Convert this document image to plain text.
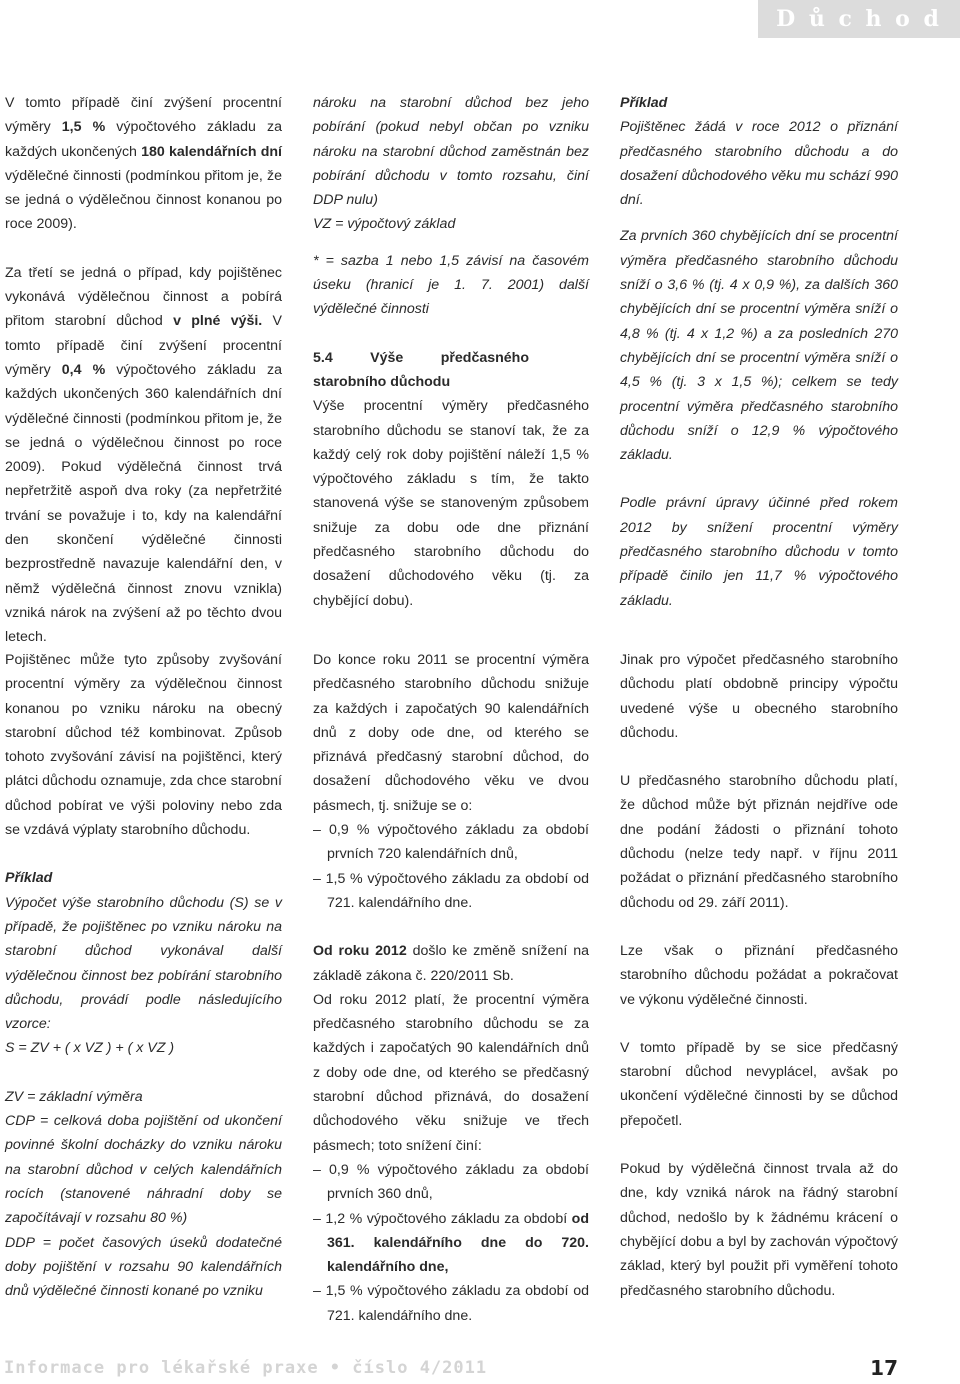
D ů c h o d

V tomto případě činí zvýšení procentní výměry 1,5 % výpočtového základu za každých ukončených 180 kalendářních dní výdělečné činnosti (podmínkou přitom je, že se jedná o výdělečnou činnost konanou po roce 2009).

Za třetí se jedná o případ, kdy pojištěnec vykonává výdělečnou činnost a pobírá přitom starobní důchod v plné výši. V tomto případě činí zvýšení procentní výměry 0,4 % výpočtového základu za každých ukončených 360 kalendářních dní výdělečné činnosti (podmínkou přitom je, že se jedná o výdělečnou činnost po roce 2009). Pokud výdělečná činnost trvá nepřetržitě aspoň dva roky (za nepřetržité trvání se považuje i to, kdy na kalendářní den skončení výdělečné činnosti bezprostředně navazuje kalendářní den, v němž výdělečná činnost znovu vznikla) vzniká nárok na zvýšení až po těchto dvou letech.

nároku na starobní důchod bez jeho pobírání (pokud nebyl občan po vzniku nároku na starobní důchod zaměstnán bez pobírání důchodu v tomto rozsahu, činí DDP nulu)

VZ = výpočtový základ

* = sazba 1 nebo 1,5 závisí na časovém úseku (hranicí je 1. 7. 2001) další výdělečné činnosti

5.4 Výše předčasného starobního důchodu

Výše procentní výměry předčasného starobního důchodu se stanoví tak, že za každý celý rok doby pojištění náleží 1,5 % výpočtového základu s tím, že takto stanovená výše se stanoveným způsobem snižuje za dobu ode dne přiznání předčasného starobního důchodu do dosažení důchodového věku (tj. za chybějící dobu).

Příklad

Pojištěnec žádá v roce 2012 o přiznání předčasného starobního důchodu a do dosažení důchodového věku mu schází 990 dní.

Za prvních 360 chybějících dní se procentní výměra předčasného starobního důchodu sníží o 3,6 % (tj. 4 x 0,9 %), za dalších 360 chybějících dní se procentní výměra sníží o 4,8 % (tj. 4 x 1,2 %) a za posledních 270 chybějících dní se procentní výměra sníží o 4,5 % (tj. 3 x 1,5 %); celkem se tedy procentní výměra předčasného starobního důchodu sníží o 12,9 % výpočtového základu.

Podle právní úpravy účinné před rokem 2012 by snížení procentní výměry předčasného starobního důchodu v tomto případě činilo jen 11,7 % výpočtového základu.

Pojištěnec může tyto způsoby zvyšování procentní výměry za výdělečnou činnost konanou po vzniku nároku na obecný starobní důchod též kombinovat. Způsob tohoto zvyšování závisí na pojištěnci, který plátci důchodu oznamuje, zda chce starobní důchod pobírat ve výši poloviny nebo zda se vzdává výplaty starobního důchodu.

Příklad

Výpočet výše starobního důchodu (S) se v případě, že pojištěnec po vzniku nároku na starobní důchod vykonával další výdělečnou činnost bez pobírání starobního důchodu, provádí podle následujícího vzorce:

S = ZV + ( x VZ ) + ( x VZ )

ZV = základní výměra

CDP = celková doba pojištění od ukončení povinné školní docházky do vzniku nároku na starobní důchod v celých kalendářních rocích (stanovené náhradní doby se započítávají v rozsahu 80 %)

DDP = počet časových úseků dodatečné doby pojištění v rozsahu 90 kalendářních dnů výdělečné činnosti konané po vzniku

Do konce roku 2011 se procentní výměra předčasného starobního důchodu snižuje za každých i započatých 90 kalendářních dnů z doby ode dne, od kterého se přiznává předčasný starobní důchod, do dosažení důchodového věku ve dvou pásmech, tj. snižuje se o:

– 0,9 % výpočtového základu za období prvních 720 kalendářních dnů,

– 1,5 % výpočtového základu za období od 721. kalendářního dne.

Od roku 2012 došlo ke změně snížení na základě zákona č. 220/2011 Sb.

Od roku 2012 platí, že procentní výměra předčasného starobního důchodu se za každých i započatých 90 kalendářních dnů z doby ode dne, od kterého se předčasný starobní důchod přiznává, do dosažení důchodového věku snižuje ve třech pásmech; toto snížení činí:

– 0,9 % výpočtového základu za období prvních 360 dnů,

– 1,2 % výpočtového základu za období od 361. kalendářního dne do 720. kalendářního dne,

– 1,5 % výpočtového základu za období od 721. kalendářního dne.

Jinak pro výpočet předčasného starobního důchodu platí obdobně principy výpočtu uvedené výše u obecného starobního důchodu.

U předčasného starobního důchodu platí, že důchod může být přiznán nejdříve ode dne podání žádosti o přiznání tohoto důchodu (nelze tedy např. v říjnu 2011 požádat o přiznání předčasného starobního důchodu od 29. září 2011).

Lze však o přiznání předčasného starobního důchodu požádat a pokračovat ve výkonu výdělečné činnosti.

V tomto případě by se sice předčasný starobní důchod nevyplácel, avšak po ukončení výdělečné činnosti by se důchod přepočetl.

Pokud by výdělečná činnost trvala až do dne, kdy vzniká nárok na řádný starobní důchod, nedošlo by k žádnému krácení o chybějící dobu a byl by zachován výpočtový základ, který byl použit při vyměření tohoto předčasného starobního důchodu.

Informace pro lékařské praxe • číslo 4/2011	17
